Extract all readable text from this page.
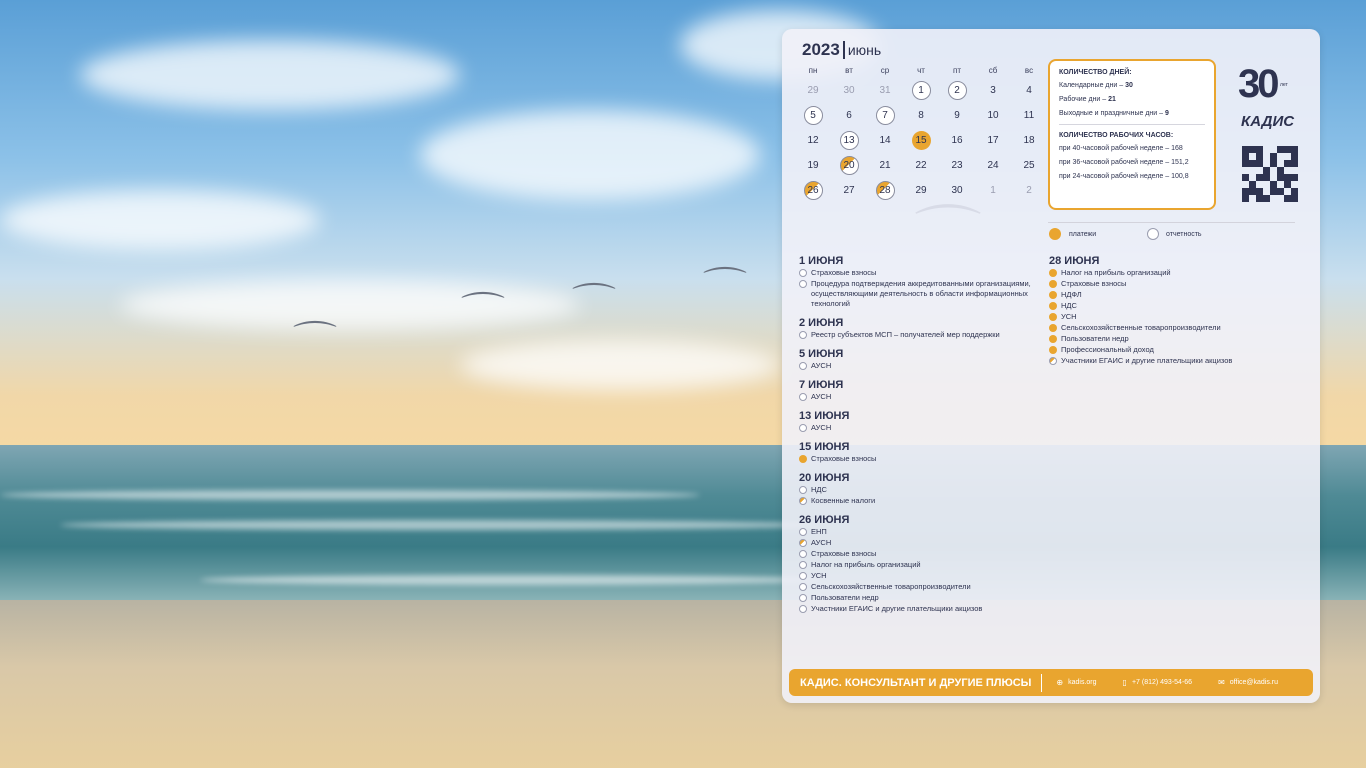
⌒
⌒ ⌒	⌒
⌒
2023 июнь
пн	вт	ср	чт	пт	сб	вс
29	30	31	1	2	3	4
5	6	7	8	9	10	11
12	13	14	15	16	17	18
19	20	21	22	23	24	25
26	27	28	29	30	1	2
КОЛИЧЕСТВО ДНЕЙ:
Календарные дни – 30
Рабочие дни – 21
Выходные и праздничные дни – 9
КОЛИЧЕСТВО РАБОЧИХ ЧАСОВ:
при 40-часовой рабочей неделе – 168
при 36-часовой рабочей неделе – 151,2
при 24-часовой рабочей неделе – 100,8
30 лет
КАДИС
платежи	отчетность
1 ИЮНЯ
Страховые взносы
Процедура подтверждения аккредитованными организациями, осуществляющими деятельность в области информационных технологий
2 ИЮНЯ
Реестр субъектов МСП – получателей мер поддержки
5 ИЮНЯ
АУСН
7 ИЮНЯ
АУСН
13 ИЮНЯ
АУСН
15 ИЮНЯ
Страховые взносы
20 ИЮНЯ
НДС
Косвенные налоги
26 ИЮНЯ
ЕНП
АУСН
Страховые взносы
Налог на прибыль организаций
УСН
Сельскохозяйственные товаропроизводители
Пользователи недр
Участники ЕГАИС и другие плательщики акцизов
28 ИЮНЯ
Налог на прибыль организаций
Страховые взносы
НДФЛ
НДС
УСН
Сельскохозяйственные товаропроизводители
Пользователи недр
Профессиональный доход
Участники ЕГАИС и другие плательщики акцизов
КАДИС. КОНСУЛЬТАНТ И ДРУГИЕ ПЛЮСЫ	⊕ kadis.org	▯ +7 (812) 493-54-66	✉ office@kadis.ru
